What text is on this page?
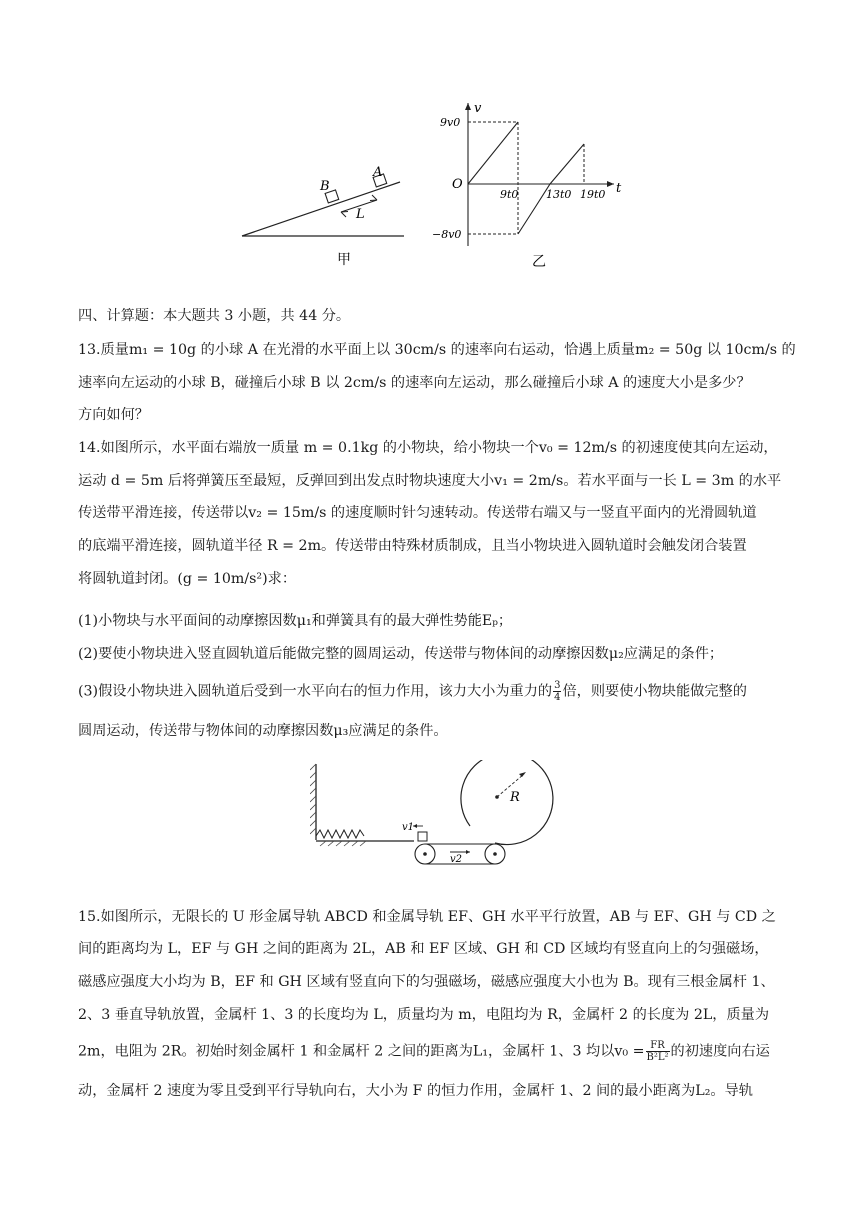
B
A
L
甲
v
t
O
9v0
−8v0
9t0	13t0 19t0
乙
四、计算题：本大题共 3 小题，共 44 分。
13.质量m₁ = 10g 的小球 A 在光滑的水平面上以 30cm/s 的速率向右运动，恰遇上质量m₂ = 50g 以 10cm/s 的
速率向左运动的小球 B，碰撞后小球 B 以 2cm/s 的速率向左运动，那么碰撞后小球 A 的速度大小是多少？
方向如何？
14.如图所示，水平面右端放一质量 m = 0.1kg 的小物块，给小物块一个v₀ = 12m/s 的初速度使其向左运动，
运动 d = 5m 后将弹簧压至最短，反弹回到出发点时物块速度大小v₁ = 2m/s。若水平面与一长 L = 3m 的水平
传送带平滑连接，传送带以v₂ = 15m/s 的速度顺时针匀速转动。传送带右端又与一竖直平面内的光滑圆轨道
的底端平滑连接，圆轨道半径 R = 2m。传送带由特殊材质制成，且当小物块进入圆轨道时会触发闭合装置
将圆轨道封闭。(g = 10m/s²)求：
(1)小物块与水平面间的动摩擦因数μ₁和弹簧具有的最大弹性势能Eₚ；
(2)要使小物块进入竖直圆轨道后能做完整的圆周运动，传送带与物体间的动摩擦因数μ₂应满足的条件；
(3)假设小物块进入圆轨道后受到一水平向右的恒力作用，该力大小为重力的 $\frac{3}{4}$ 倍，则要使小物块能做完整的
圆周运动，传送带与物体间的动摩擦因数μ₃应满足的条件。
v1
v2
R
15.如图所示，无限长的 U 形金属导轨 ABCD 和金属导轨 EF、GH 水平平行放置，AB 与 EF、GH 与 CD 之
间的距离均为 L，EF 与 GH 之间的距离为 2L，AB 和 EF 区域、GH 和 CD 区域均有竖直向上的匀强磁场，
磁感应强度大小均为 B，EF 和 GH 区域有竖直向下的匀强磁场，磁感应强度大小也为 B。现有三根金属杆 1、
2、3 垂直导轨放置，金属杆 1、3 的长度均为 L，质量均为 m，电阻均为 R，金属杆 2 的长度为 2L，质量为
2m，电阻为 2R。初始时刻金属杆 1 和金属杆 2 之间的距离为L₁，金属杆 1、3 均以$v_0 = \frac{FR}{\text{B²L²}}$ 的初速度向右运
动，金属杆 2 速度为零且受到平行导轨向右，大小为 F 的恒力作用，金属杆 1、2 间的最小距离为L₂。导轨
